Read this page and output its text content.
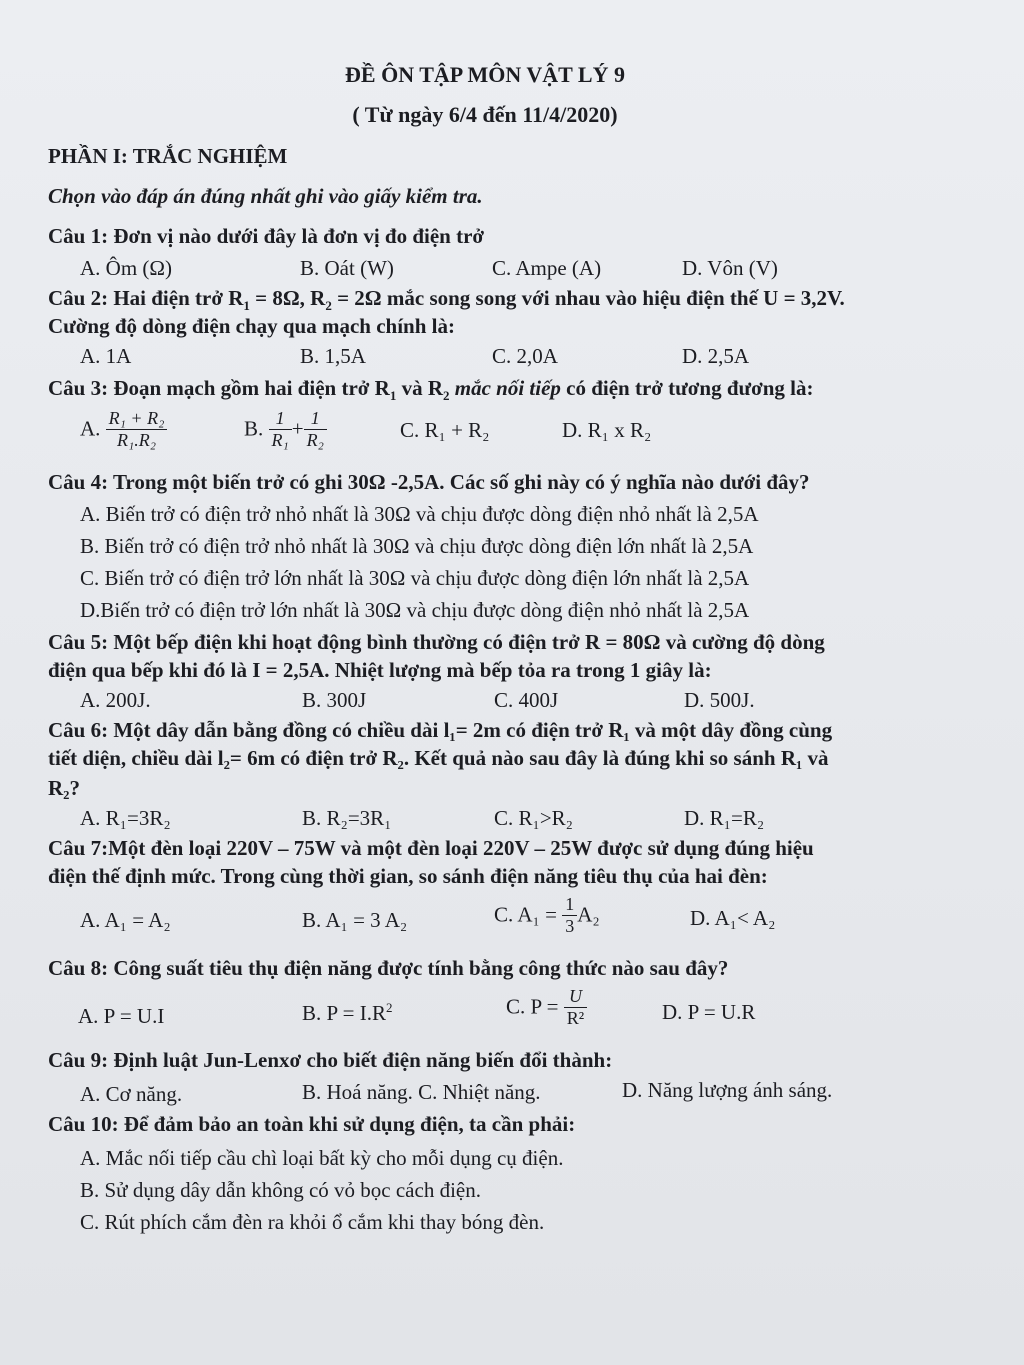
ĐỀ ÔN TẬP MÔN VẬT LÝ 9
( Từ ngày 6/4 đến 11/4/2020)
PHẦN I: TRẮC NGHIỆM
Chọn vào đáp án đúng nhất ghi vào giấy kiểm tra.
Câu 1: Đơn vị nào dưới đây là đơn vị đo điện trở
A. Ôm (Ω)	B. Oát (W)	C. Ampe (A)	D. Vôn (V)
Câu 2: Hai điện trở $R_1 = 8\Omega$, $R_2 = 2\Omega$ mắc song song với nhau vào hiệu điện thế U = 3,2V.
Cường độ dòng điện chạy qua mạch chính là:
A. 1A	B. 1,5A	C. 2,0A	D. 2,5A
Câu 3: Đoạn mạch gồm hai điện trở $R_1$ và $R_2$ mắc nối tiếp có điện trở tương đương là:
A. $\frac{\text{R₁ + R₂}}{\text{R₁.R₂}}$	B. $\frac{1}{\text{R₁}} + \frac{1}{\text{R₂}}$	C. R₁ + R₂	D. R₁ x R₂
Câu 4: Trong một biến trở có ghi 30Ω -2,5A. Các số ghi này có ý nghĩa nào dưới đây?
A. Biến trở có điện trở nhỏ nhất là 30Ω và chịu được dòng điện nhỏ nhất là 2,5A
B. Biến trở có điện trở nhỏ nhất là 30Ω và chịu được dòng điện lớn nhất là 2,5A
C. Biến trở có điện trở lớn nhất là 30Ω và chịu được dòng điện lớn nhất là 2,5A
D.Biến trở có điện trở lớn nhất là 30Ω và chịu được dòng điện nhỏ nhất là 2,5A
Câu 5: Một bếp điện khi hoạt động bình thường có điện trở R = 80Ω và cường độ dòng
điện qua bếp khi đó là I = 2,5A. Nhiệt lượng mà bếp tỏa ra trong 1 giây là:
A. 200J.	B. 300J	C. 400J	D. 500J.
Câu 6: Một dây dẫn bằng đồng có chiều dài l₁= 2m có điện trở R₁ và một dây đồng cùng
tiết diện, chiều dài l₂= 6m có điện trở R₂. Kết quả nào sau đây là đúng khi so sánh R₁ và
R₂?
A. R₁=3R₂	B. R₂=3R₁	C. R₁>R₂	D. R₁=R₂
Câu 7:Một đèn loại 220V – 75W và một đèn loại 220V – 25W được sử dụng đúng hiệu
điện thế định mức. Trong cùng thời gian, so sánh điện năng tiêu thụ của hai đèn:
A. A₁ = A₂	B. A₁ = 3 A₂	C. $A_1 = \frac{1}{3} A_2$	D. A₁< A₂
Câu 8: Công suất tiêu thụ điện năng được tính bằng công thức nào sau đây?
A. P = U.I	B. $P = I.R^2$	C. $P = \frac{U}{\text{R²}}$	D. P = U.R
Câu 9: Định luật Jun-Lenxơ cho biết điện năng biến đổi thành:
A. Cơ năng.	B. Hoá năng. C. Nhiệt năng.	D. Năng lượng ánh sáng.
Câu 10: Để đảm bảo an toàn khi sử dụng điện, ta cần phải:
A. Mắc nối tiếp cầu chì loại bất kỳ cho mỗi dụng cụ điện.
B. Sử dụng dây dẫn không có vỏ bọc cách điện.
C. Rút phích cắm đèn ra khỏi ổ cắm khi thay bóng đèn.
